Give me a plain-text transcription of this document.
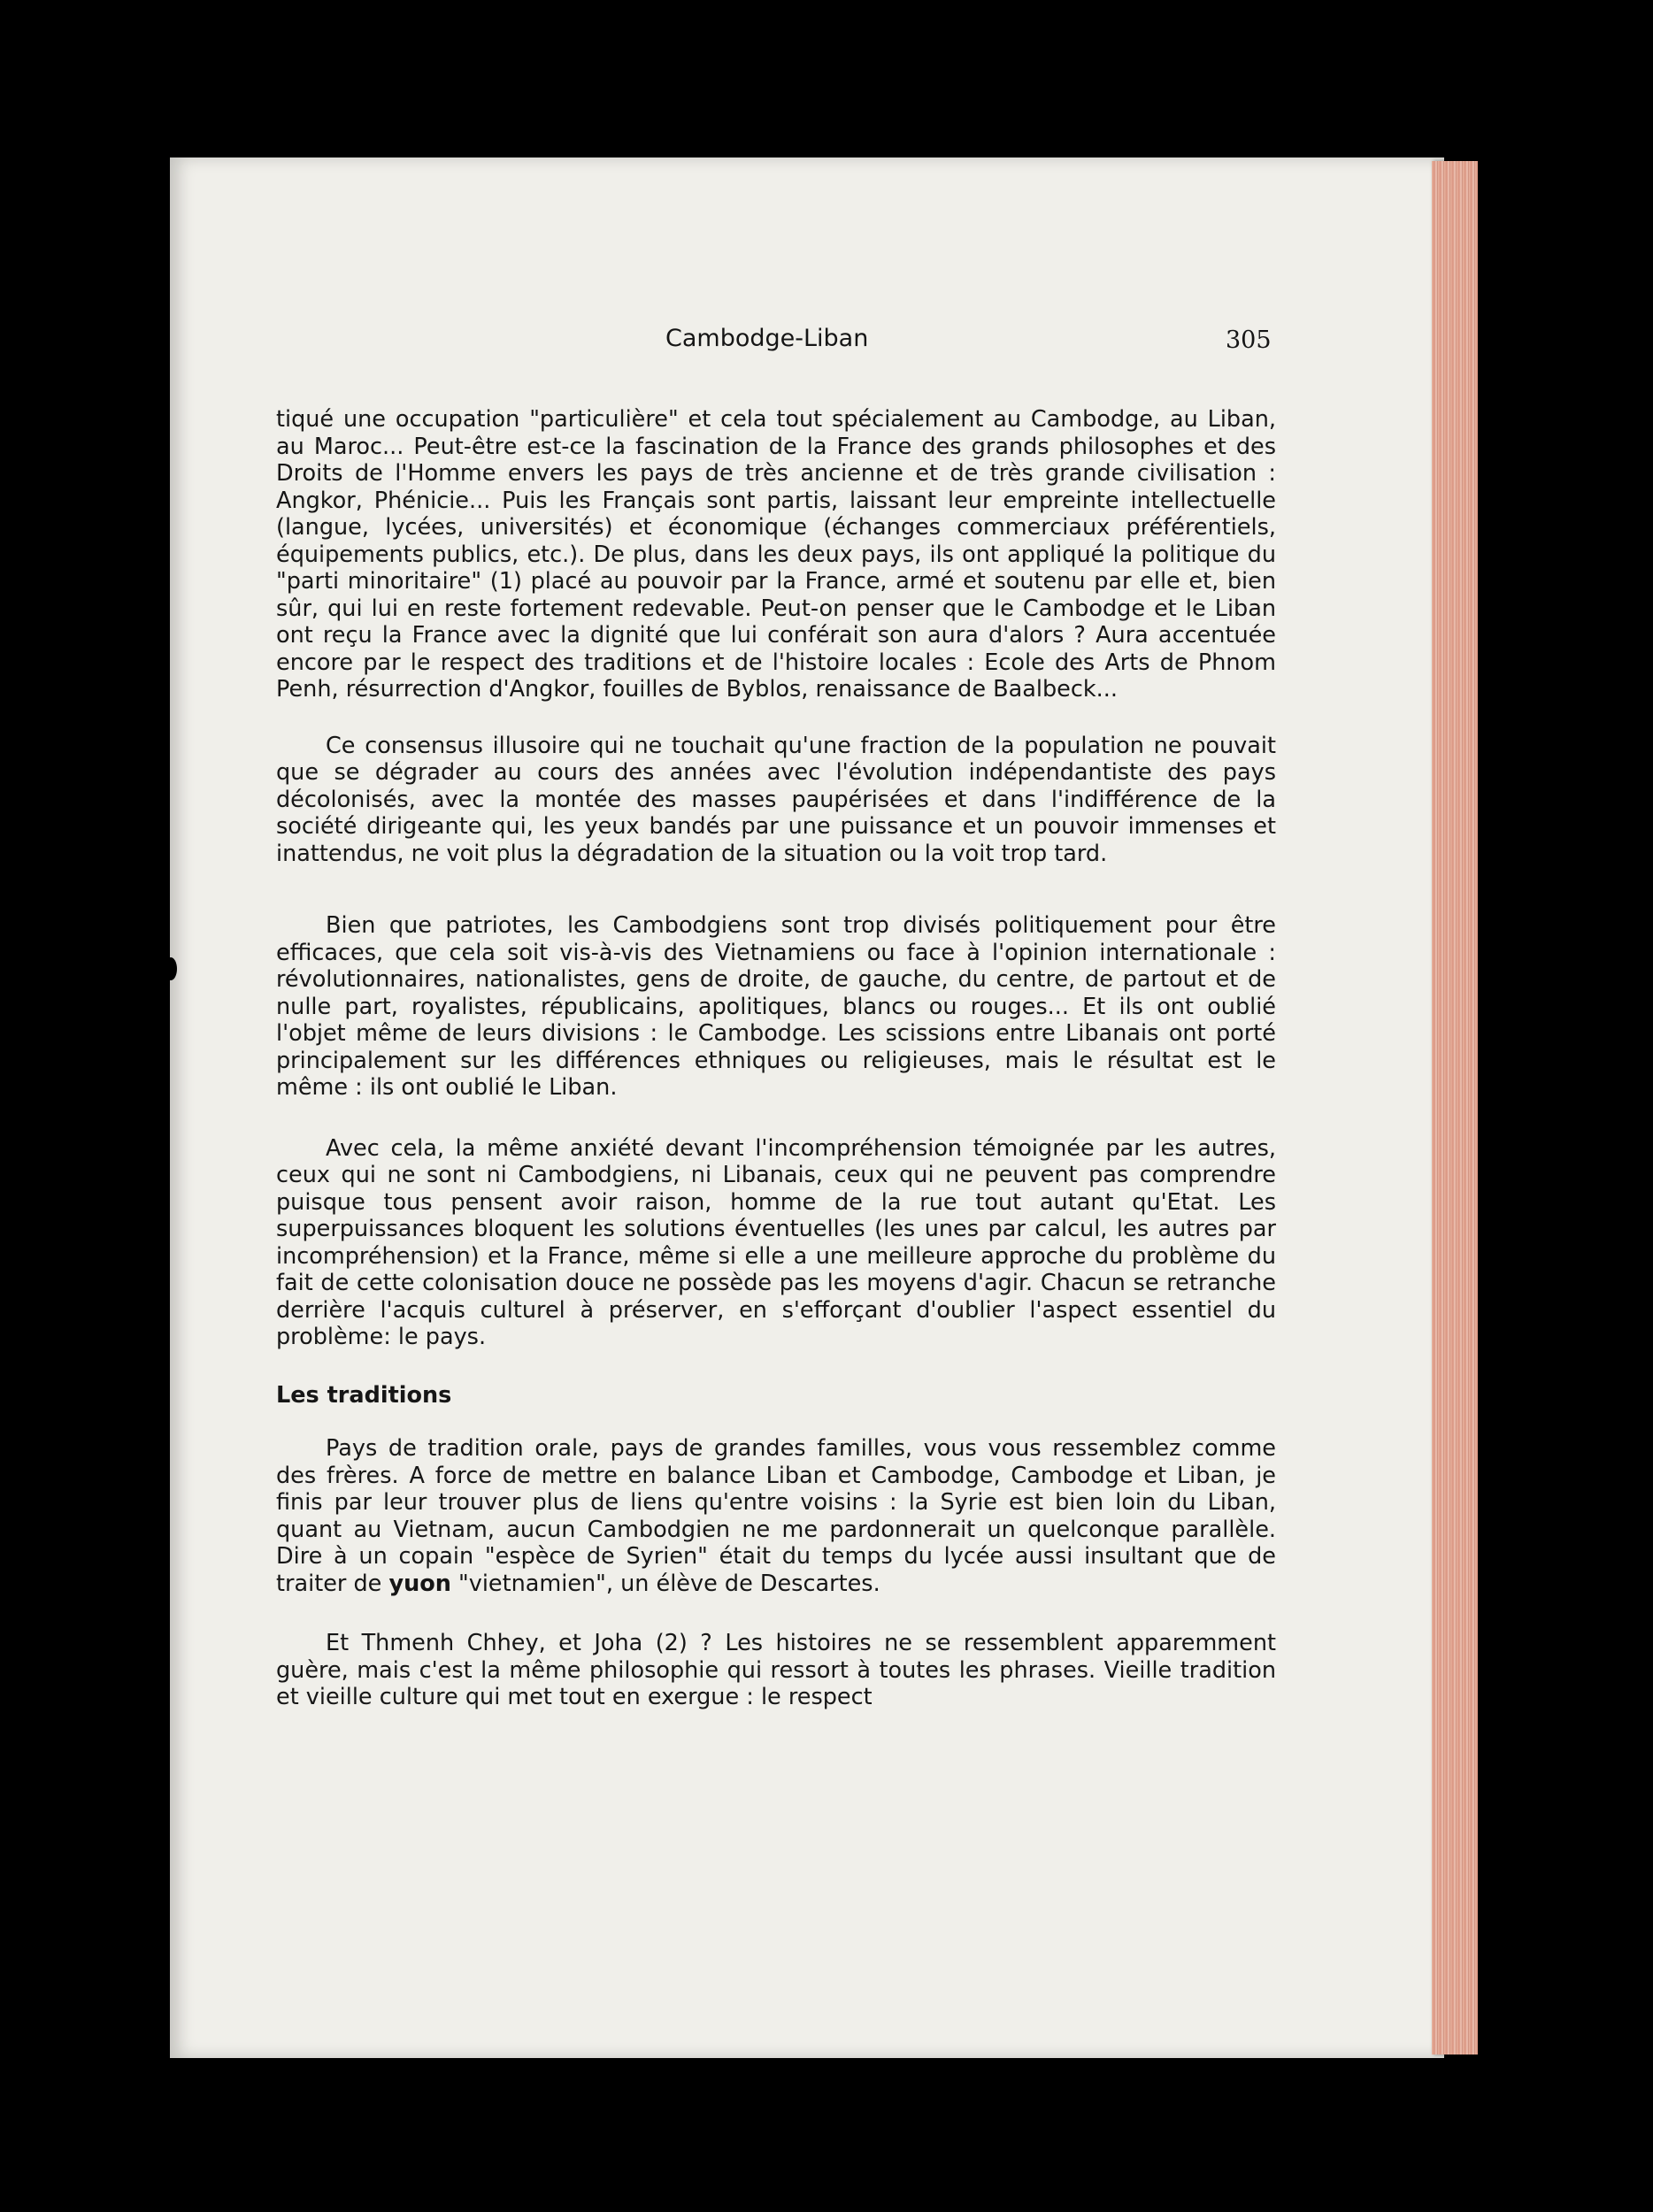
Cambodge-Liban	305

tiqué une occupation "particulière" et cela tout spécialement au Cambodge, au Liban, au Maroc... Peut-être est-ce la fascination de la France des grands philosophes et des Droits de l'Homme envers les pays de très ancienne et de très grande civilisation : Angkor, Phénicie... Puis les Français sont partis, laissant leur empreinte intellectuelle (langue, lycées, universités) et économique (échanges commerciaux préférentiels, équipements publics, etc.). De plus, dans les deux pays, ils ont appliqué la politique du "parti minoritaire" (1) placé au pouvoir par la France, armé et soutenu par elle et, bien sûr, qui lui en reste fortement redevable. Peut-on penser que le Cambodge et le Liban ont reçu la France avec la dignité que lui conférait son aura d'alors ? Aura accentuée encore par le respect des traditions et de l'histoire locales : Ecole des Arts de Phnom Penh, résurrection d'Angkor, fouilles de Byblos, renaissance de Baalbeck...

Ce consensus illusoire qui ne touchait qu'une fraction de la population ne pouvait que se dégrader au cours des années avec l'évolution indépendantiste des pays décolonisés, avec la montée des masses paupérisées et dans l'indifférence de la société dirigeante qui, les yeux bandés par une puissance et un pouvoir immenses et inattendus, ne voit plus la dégradation de la situation ou la voit trop tard.

Bien que patriotes, les Cambodgiens sont trop divisés politiquement pour être efficaces, que cela soit vis-à-vis des Vietnamiens ou face à l'opinion internationale : révolutionnaires, nationalistes, gens de droite, de gauche, du centre, de partout et de nulle part, royalistes, républicains, apolitiques, blancs ou rouges... Et ils ont oublié l'objet même de leurs divisions : le Cambodge. Les scissions entre Libanais ont porté principalement sur les différences ethniques ou religieuses, mais le résultat est le même : ils ont oublié le Liban.

Avec cela, la même anxiété devant l'incompréhension témoignée par les autres, ceux qui ne sont ni Cambodgiens, ni Libanais, ceux qui ne peuvent pas comprendre puisque tous pensent avoir raison, homme de la rue tout autant qu'Etat. Les superpuissances bloquent les solutions éventuelles (les unes par calcul, les autres par incompréhension) et la France, même si elle a une meilleure approche du problème du fait de cette colonisation douce ne possède pas les moyens d'agir. Chacun se retranche derrière l'acquis culturel à préserver, en s'efforçant d'oublier l'aspect essentiel du problème: le pays.

Les traditions

Pays de tradition orale, pays de grandes familles, vous vous ressemblez comme des frères. A force de mettre en balance Liban et Cambodge, Cambodge et Liban, je finis par leur trouver plus de liens qu'entre voisins : la Syrie est bien loin du Liban, quant au Vietnam, aucun Cambodgien ne me pardonnerait un quelconque parallèle. Dire à un copain "espèce de Syrien" était du temps du lycée aussi insultant que de traiter de yuon "vietnamien", un élève de Descartes.

Et Thmenh Chhey, et Joha (2) ? Les histoires ne se ressemblent apparemment guère, mais c'est la même philosophie qui ressort à toutes les phrases. Vieille tradition et vieille culture qui met tout en exergue : le respect
